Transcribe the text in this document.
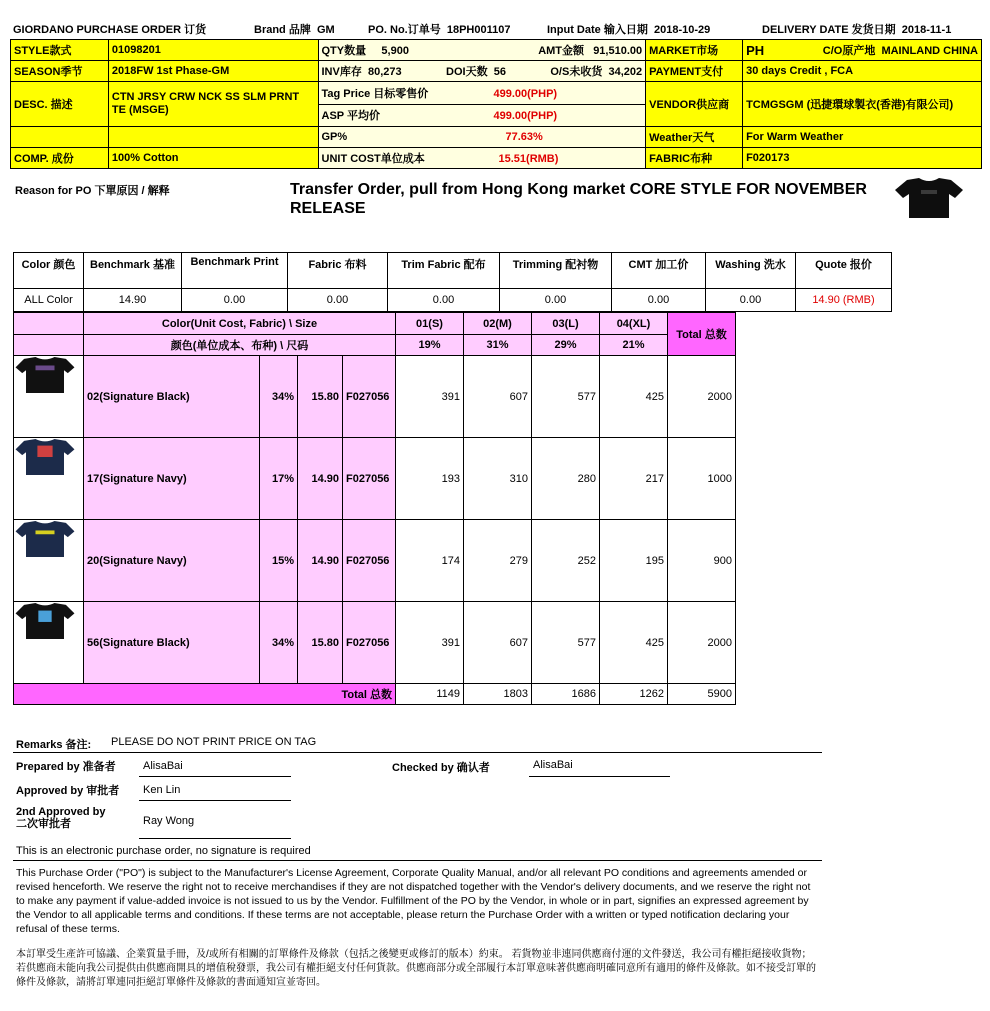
GIORDANO PURCHASE ORDER 订货	Brand 品牌 GM	PO. No.订单号 18PH001107	Input Date 输入日期 2018-10-29	DELIVERY DATE 发货日期 2018-11-1
STYLE款式	01098201	QTY数量 5,900 AMT金额 91,510.00	MARKET市场	PH C/O原产地 MAINLAND CHINA

SEASON季节	2018FW 1st Phase-GM	INV库存 80,273 DOI天数 56 O/S未收货 34,202	PAYMENT支付	30 days Credit , FCA
DESC. 描述	CTN JRSY CRW NCK SS SLM PRNT TE (MSGE)	Tag Price 目标零售价 499.00(PHP)	VENDOR供应商	TCMGSGM (迅捷環球製衣(香港)有限公司)
		ASP 平均价 499.00(PHP)		
		GP% 77.63%	Weather天气	For Warm Weather
COMP. 成份	100% Cotton	UNIT COST单位成本 15.51(RMB)	FABRIC布种	F020173
Reason for PO 下單原因 / 解释	Transfer Order, pull from Hong Kong market CORE STYLE FOR NOVEMBER RELEASE
Color 颜色	Benchmark 基准	Benchmark Print	Fabric 布料	Trim Fabric 配布	Trimming 配衬物	CMT 加工价	Washing 洗水	Quote 报价
ALL Color	14.90	0.00	0.00	0.00	0.00	0.00	0.00	14.90 (RMB)
	Color(Unit Cost, Fabric) \ Size				01(S)	02(M)	03(L)	04(XL)	Total 总数
	颜色(单位成本、布种) \ 尺码				19%	31%	29%	21%	
	02(Signature Black)	34%	15.80	F027056	391	607	577	425	2000
	17(Signature Navy)	17%	14.90	F027056	193	310	280	217	1000
	20(Signature Navy)	15%	14.90	F027056	174	279	252	195	900
	56(Signature Black)	34%	15.80	F027056	391	607	577	425	2000
Total 总数					1149	1803	1686	1262	5900
Remarks 备注: PLEASE DO NOT PRINT PRICE ON TAG
Prepared by 准备者 AlisaBai	Checked by 确认者	AlisaBai
Approved by 审批者 Ken Lin
2nd Approved by
二次审批者	Ray Wong
This is an electronic purchase order, no signature is required
This Purchase Order ("PO") is subject to the Manufacturer's License Agreement, Corporate Quality Manual, and/or all relevant PO conditions and agreements amended or revised henceforth. We reserve the right not to receive merchandises if they are not dispatched together with the Vendor's delivery documents, and we reserve the right not to make any payment if value-added invoice is not issued to us by the Vendor. Fulfillment of the PO by the Vendor, in whole or in part, signifies an expressed agreement by the Vendor to all applicable terms and conditions. If these terms are not acceptable, please return the Purchase Order with a written or typed notification declaring your refusal of these terms.
本訂單受生產許可協議、企業質量手冊，及/或所有相關的訂單條件及條款（包括之後變更或修訂的版本）約束。 若貨物並非連同供應商付運的文件發送，我公司有權拒絕接收貨物；若供應商未能向我公司提供由供應商開具的增值稅發票，我公司有權拒絕支付任何貨款。供應商部分或全部履行本訂單意味著供應商明確同意所有適用的條件及條款。如不接受訂單的條件及條款，請將訂單連同拒絕訂單條件及條款的書面通知宣並寄回。
